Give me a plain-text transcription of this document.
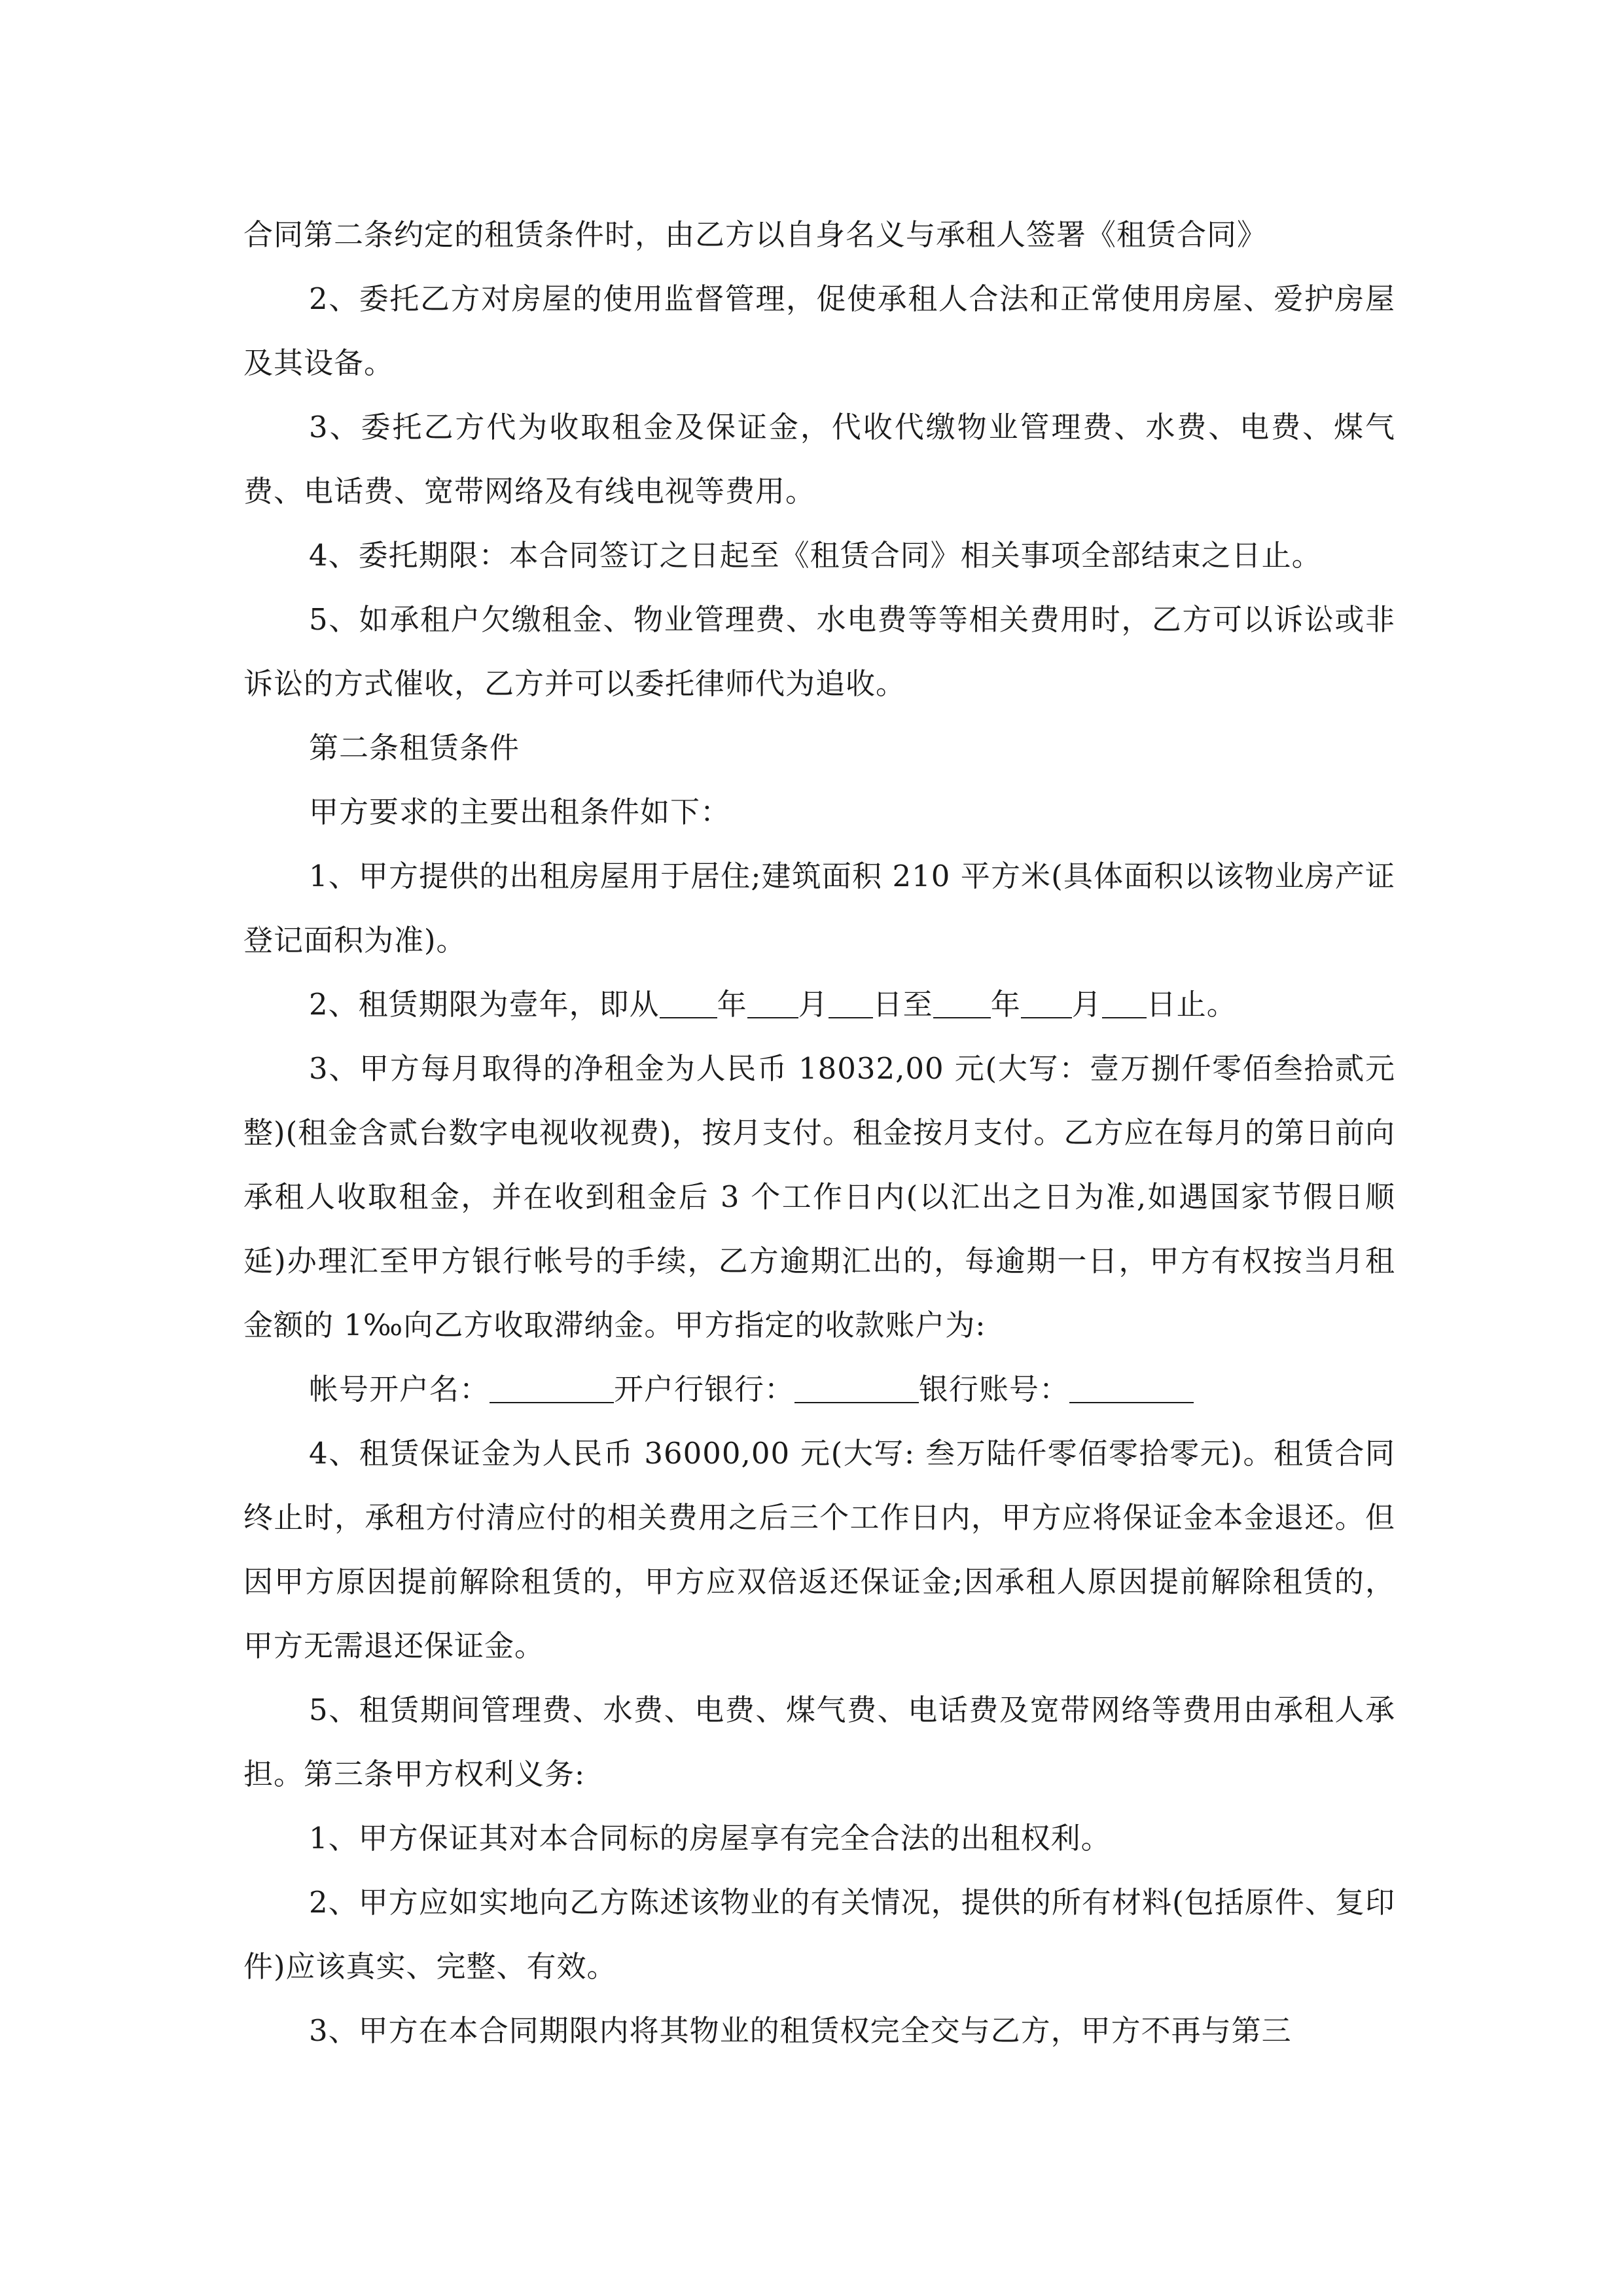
合同第二条约定的租赁条件时，由乙方以自身名义与承租人签署《租赁合同》

2、委托乙方对房屋的使用监督管理，促使承租人合法和正常使用房屋、爱护房屋及其设备。

3、委托乙方代为收取租金及保证金，代收代缴物业管理费、水费、电费、煤气费、电话费、宽带网络及有线电视等费用。

4、委托期限：本合同签订之日起至《租赁合同》相关事项全部结束之日止。

5、如承租户欠缴租金、物业管理费、水电费等等相关费用时，乙方可以诉讼或非诉讼的方式催收，乙方并可以委托律师代为追收。

第二条租赁条件

甲方要求的主要出租条件如下：

1、甲方提供的出租房屋用于居住;建筑面积 210 平方米(具体面积以该物业房产证登记面积为准)。

2、租赁期限为壹年，即从 年 月 日至 年 月 日止。

3、甲方每月取得的净租金为人民币 18032,00 元(大写：壹万捌仟零佰叁拾贰元整)(租金含贰台数字电视收视费)，按月支付。租金按月支付。乙方应在每月的第日前向承租人收取租金，并在收到租金后 3 个工作日内(以汇出之日为准,如遇国家节假日顺延)办理汇至甲方银行帐号的手续，乙方逾期汇出的，每逾期一日，甲方有权按当月租金额的 1‰向乙方收取滞纳金。甲方指定的收款账户为:

帐号开户名：	开户行银行：	银行账号：

4、租赁保证金为人民币 36000,00 元(大写: 叁万陆仟零佰零拾零元)。租赁合同终止时，承租方付清应付的相关费用之后三个工作日内，甲方应将保证金本金退还。但因甲方原因提前解除租赁的，甲方应双倍返还保证金;因承租人原因提前解除租赁的，甲方无需退还保证金。

5、租赁期间管理费、水费、电费、煤气费、电话费及宽带网络等费用由承租人承担。第三条甲方权利义务:

1、甲方保证其对本合同标的房屋享有完全合法的出租权利。

2、甲方应如实地向乙方陈述该物业的有关情况，提供的所有材料(包括原件、复印件)应该真实、完整、有效。

3、甲方在本合同期限内将其物业的租赁权完全交与乙方，甲方不再与第三
